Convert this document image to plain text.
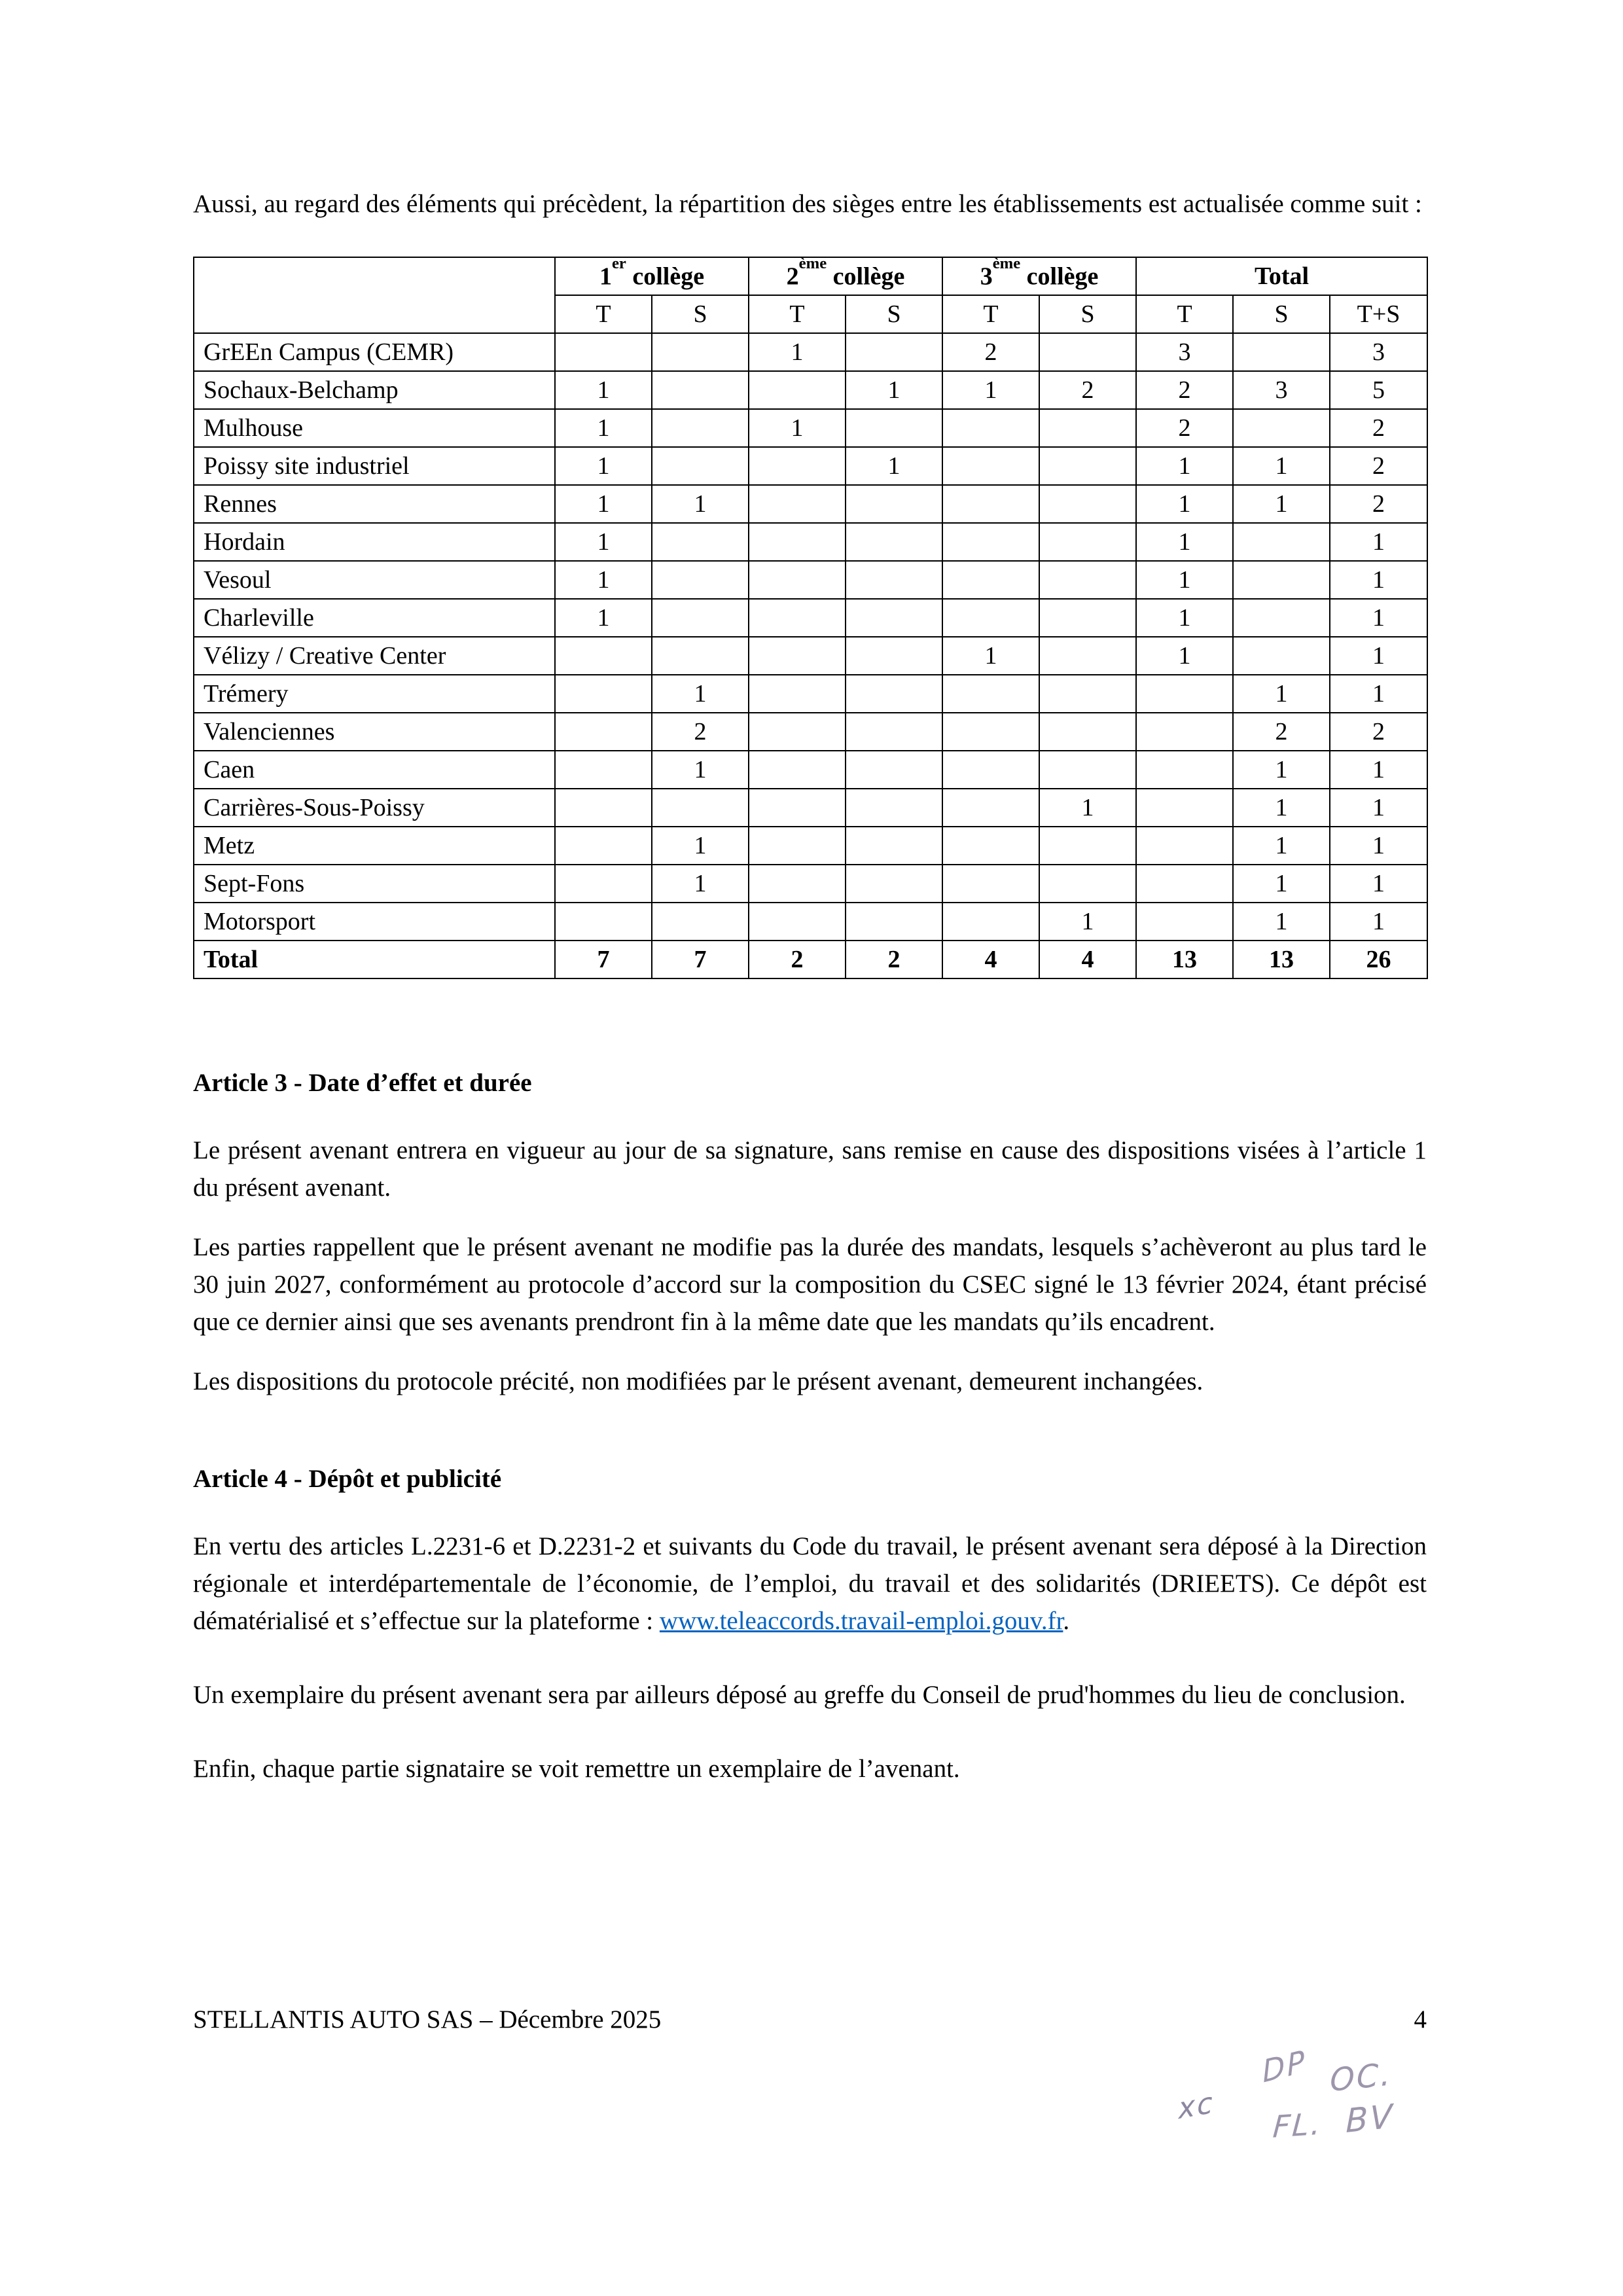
Aussi, au regard des éléments qui précèdent, la répartition des sièges entre les établissements est actualisée comme suit :

	1er collège		2ème collège		3ème collège		Total		
	T	S	T	S	T	S	T	S	T+S
GrEEn Campus (CEMR)			1		2		3		3
Sochaux-Belchamp	1			1	1	2	2	3	5
Mulhouse	1		1				2		2
Poissy site industriel	1			1			1	1	2
Rennes	1	1					1	1	2
Hordain	1						1		1
Vesoul	1						1		1
Charleville	1						1		1
Vélizy / Creative Center					1		1		1
Trémery		1						1	1
Valenciennes		2						2	2
Caen		1						1	1
Carrières-Sous-Poissy						1		1	1
Metz		1						1	1
Sept-Fons		1						1	1
Motorsport						1		1	1
Total	7	7	2	2	4	4	13	13	26
Article 3 - Date d’effet et durée

Le présent avenant entrera en vigueur au jour de sa signature, sans remise en cause des dispositions visées à l’article 1 du présent avenant.

Les parties rappellent que le présent avenant ne modifie pas la durée des mandats, lesquels s’achèveront au plus tard le 30 juin 2027, conformément au protocole d’accord sur la composition du CSEC signé le 13 février 2024, étant précisé que ce dernier ainsi que ses avenants prendront fin à la même date que les mandats qu’ils encadrent.

Les dispositions du protocole précité, non modifiées par le présent avenant, demeurent inchangées.

Article 4 - Dépôt et publicité

En vertu des articles L.2231-6 et D.2231-2 et suivants du Code du travail, le présent avenant sera déposé à la Direction régionale et interdépartementale de l’économie, de l’emploi, du travail et des solidarités (DRIEETS). Ce dépôt est dématérialisé et s’effectue sur la plateforme : www.teleaccords.travail-emploi.gouv.fr.

Un exemplaire du présent avenant sera par ailleurs déposé au greffe du Conseil de prud'hommes du lieu de conclusion.

Enfin, chaque partie signataire se voit remettre un exemplaire de l’avenant.

STELLANTIS AUTO SAS – Décembre 2025	4
xc
DP OC.
FL. BV
